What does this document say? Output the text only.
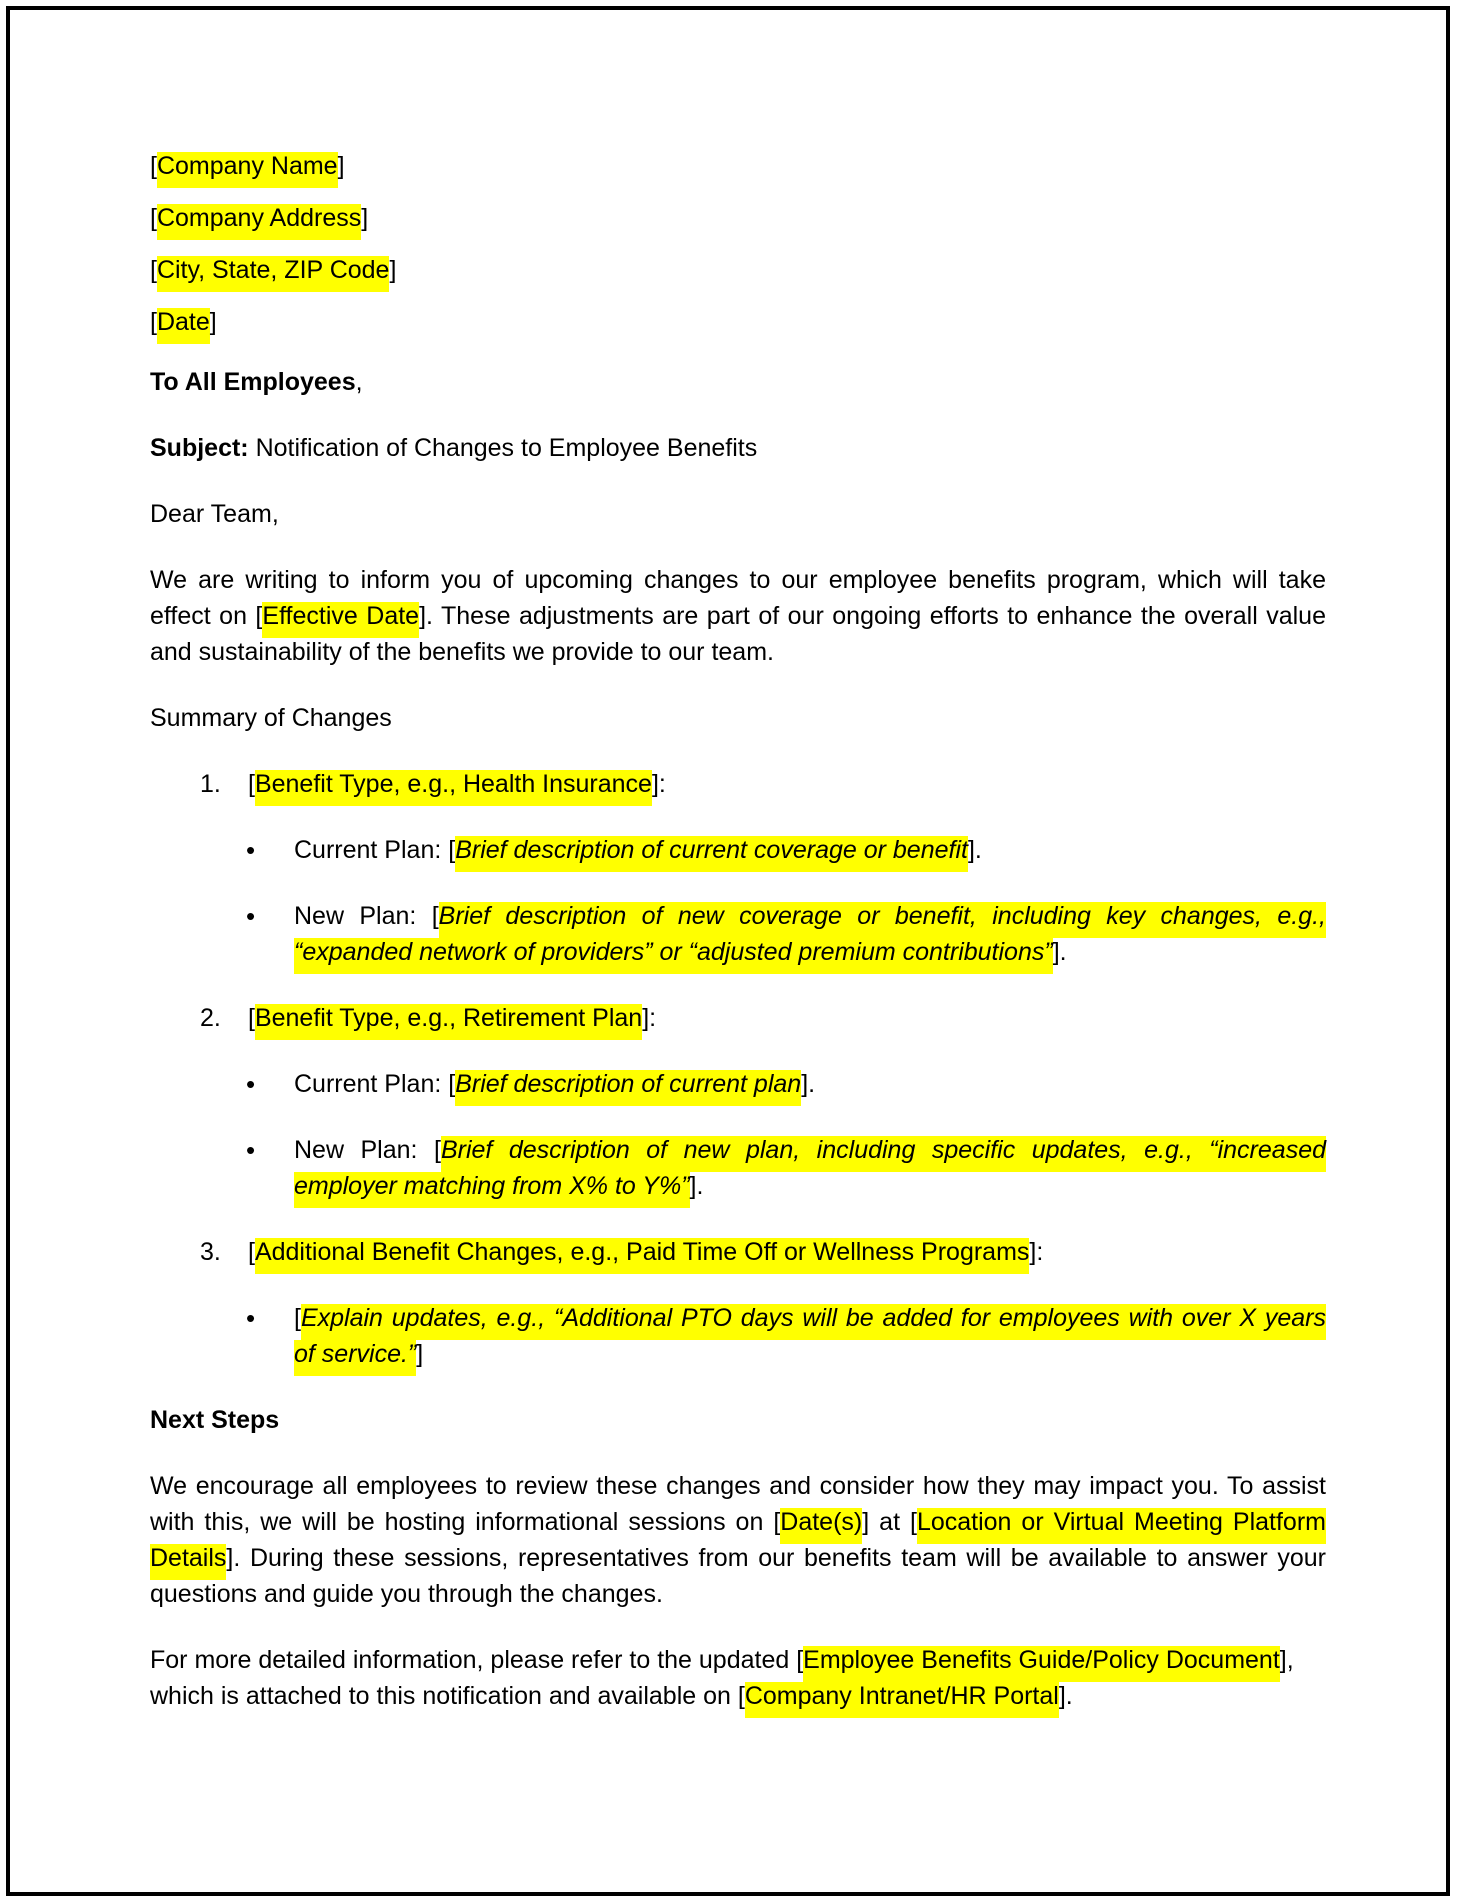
[Company Name]

[Company Address]

[City, State, ZIP Code]

[Date]

To All Employees,

Subject: Notification of Changes to Employee Benefits

Dear Team,

We are writing to inform you of upcoming changes to our employee benefits program, which will take effect on [Effective Date]. These adjustments are part of our ongoing efforts to enhance the overall value and sustainability of the benefits we provide to our team.

Summary of Changes

1. [Benefit Type, e.g., Health Insurance]:
• Current Plan: [Brief description of current coverage or benefit].
• New Plan: [Brief description of new coverage or benefit, including key changes, e.g., “expanded network of providers” or “adjusted premium contributions”].
2. [Benefit Type, e.g., Retirement Plan]:
• Current Plan: [Brief description of current plan].
• New Plan: [Brief description of new plan, including specific updates, e.g., “increased employer matching from X% to Y%”].
3. [Additional Benefit Changes, e.g., Paid Time Off or Wellness Programs]:
• [Explain updates, e.g., “Additional PTO days will be added for employees with over X years of service.”]

Next Steps

We encourage all employees to review these changes and consider how they may impact you. To assist with this, we will be hosting informational sessions on [Date(s)] at [Location or Virtual Meeting Platform Details]. During these sessions, representatives from our benefits team will be available to answer your questions and guide you through the changes.

For more detailed information, please refer to the updated [Employee Benefits Guide/Policy Document], which is attached to this notification and available on [Company Intranet/HR Portal].
